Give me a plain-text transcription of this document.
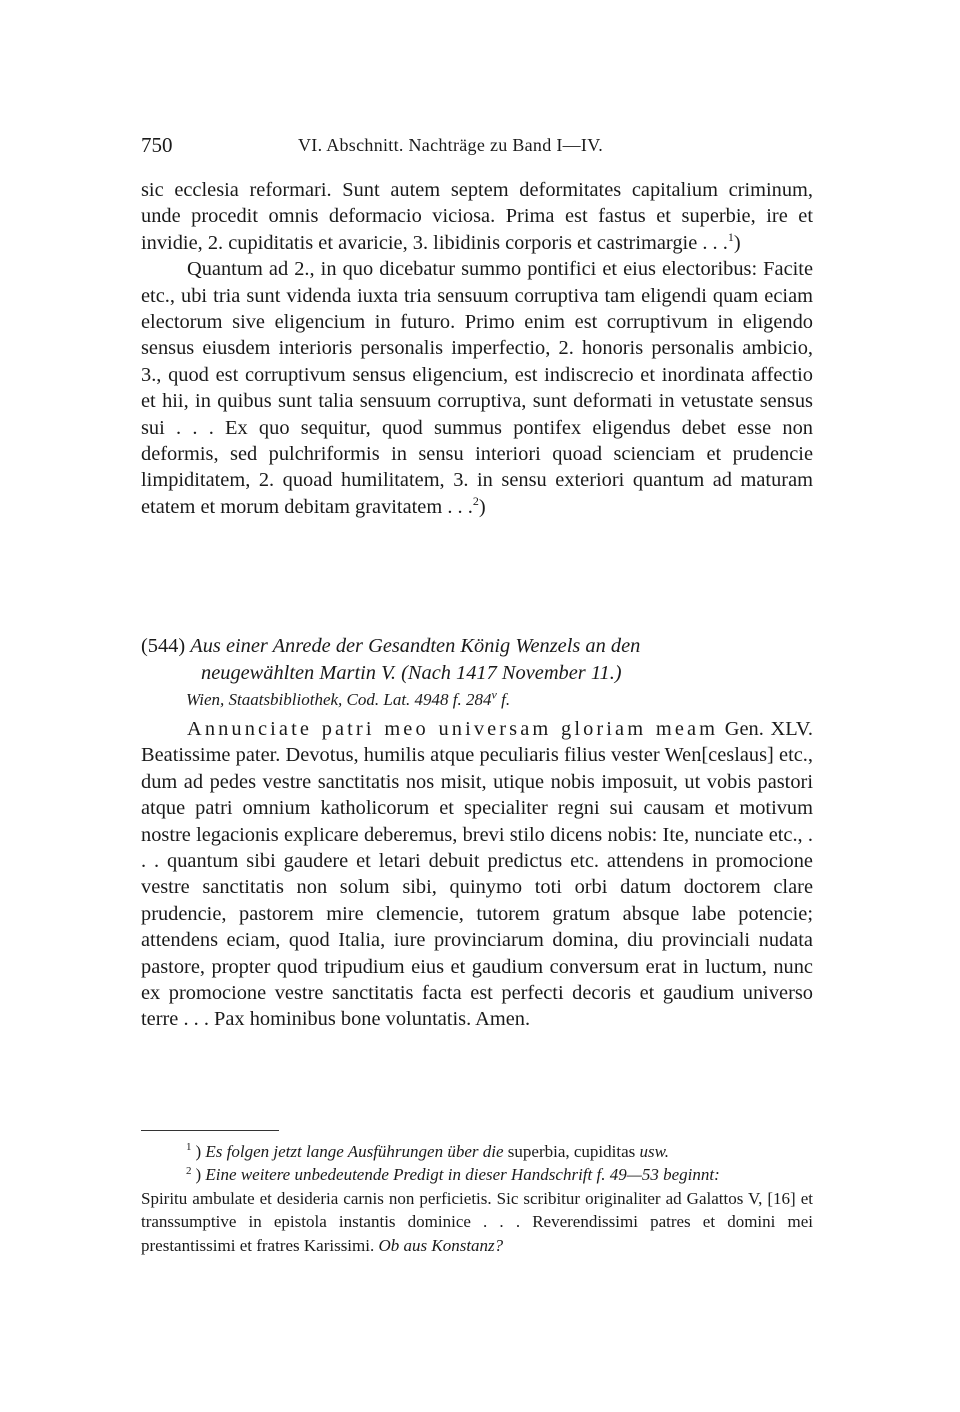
750	VI. Abschnitt. Nachträge zu Band I—IV.

sic ecclesia reformari. Sunt autem septem deformitates capitalium criminum, unde procedit omnis deformacio viciosa. Prima est fastus et superbie, ire et invidie, 2. cupiditatis et avaricie, 3. libidinis corporis et castrimargie . . .$^1$)

Quantum ad 2., in quo dicebatur summo pontifici et eius electoribus: Facite etc., ubi tria sunt videnda iuxta tria sensuum corruptiva tam eligendi quam eciam electorum sive eligencium in futuro. Primo enim est corruptivum in eligendo sensus eiusdem interioris personalis imperfectio, 2. honoris personalis ambicio, 3., quod est corruptivum sensus eligencium, est indiscrecio et inordinata affectio et hii, in quibus sunt talia sensuum corruptiva, sunt deformati in vetustate sensus sui . . . Ex quo sequitur, quod summus pontifex eligendus debet esse non deformis, sed pulchriformis in sensu interiori quoad scienciam et prudencie limpiditatem, 2. quoad humilitatem, 3. in sensu exteriori quantum ad maturam etatem et morum debitam gravitatem . . .$^2$)

(544) Aus einer Anrede der Gesandten König Wenzels an den
neugewählten Martin V. (Nach 1417 November 11.)
Wien, Staatsbibliothek, Cod. Lat. 4948 f. 284$^v$ f.

Annunciate patri meo universam gloriam meam Gen. XLV. Beatissime pater. Devotus, humilis atque peculiaris filius vester Wen[ceslaus] etc., dum ad pedes vestre sanctitatis nos misit, utique nobis imposuit, ut vobis pastori atque patri omnium katholicorum et specialiter regni sui causam et motivum nostre legacionis explicare deberemus, brevi stilo dicens nobis: Ite, nunciate etc., . . . quantum sibi gaudere et letari debuit predictus etc. attendens in promocione vestre sanctitatis non solum sibi, quinymo toti orbi datum doctorem clare prudencie, pastorem mire clemencie, tutorem gratum absque labe potencie; attendens eciam, quod Italia, iure provinciarum domina, diu provinciali nudata pastore, propter quod tripudium eius et gaudium conversum erat in luctum, nunc ex promocione vestre sanctitatis facta est perfecti decoris et gaudium universo terre . . . Pax hominibus bone voluntatis. Amen.

$^1$ ) Es folgen jetzt lange Ausführungen über die superbia, cupiditas usw.

$^2$ ) Eine weitere unbedeutende Predigt in dieser Handschrift f. 49—53 beginnt:

Spiritu ambulate et desideria carnis non perficietis. Sic scribitur originaliter ad Galattos V, [16] et transsumptive in epistola instantis dominice . . . Reverendissimi patres et domini mei prestantissimi et fratres Karissimi. Ob aus Konstanz?
